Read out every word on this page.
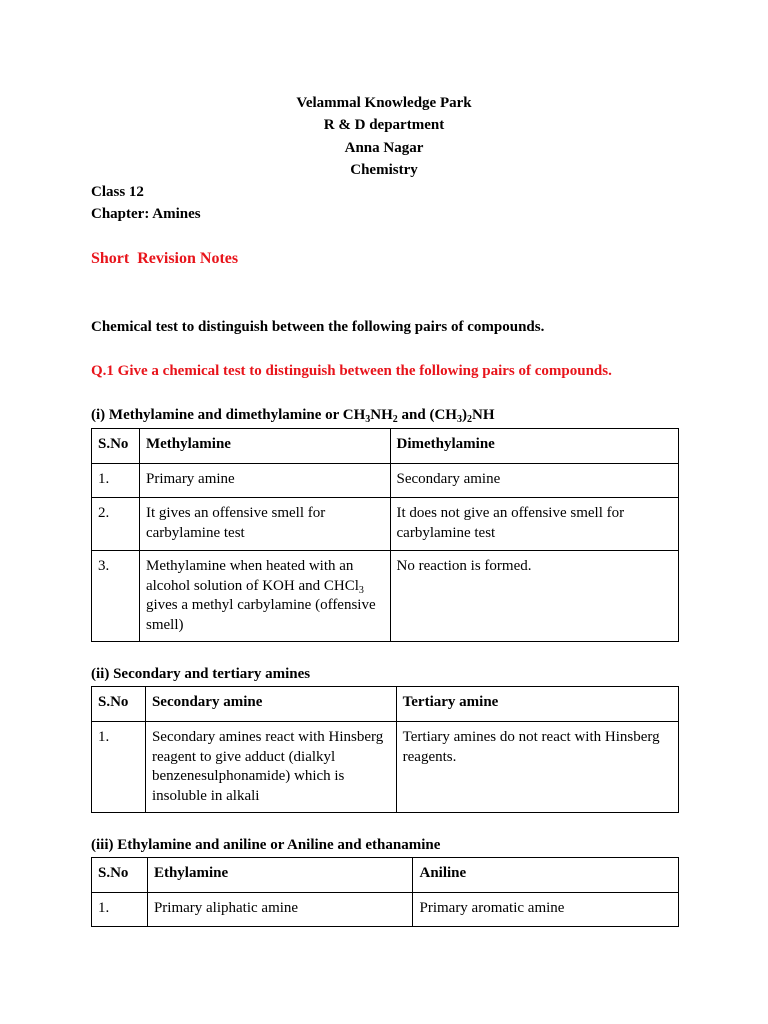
Velammal Knowledge Park
R & D department
Anna Nagar
Chemistry
Class 12
Chapter: Amines
Short  Revision Notes
Chemical test to distinguish between the following pairs of compounds.
Q.1 Give a chemical test to distinguish between the following pairs of compounds.
(i) Methylamine and dimethylamine or $CH_3NH_2$ and $(CH_3)_2NH$
S.No	Methylamine	Dimethylamine
1.	Primary amine	Secondary amine
2.	It gives an offensive smell for carbylamine test	It does not give an offensive smell for carbylamine test
3.	Methylamine when heated with an alcohol solution of KOH and CHCl$_3$ gives a methyl carbylamine (offensive smell)	No reaction is formed.
(ii) Secondary and tertiary amines
S.No	Secondary amine	Tertiary amine
1.	Secondary amines react with Hinsberg reagent to give adduct (dialkyl benzenesulphonamide) which is insoluble in alkali	Tertiary amines do not react with Hinsberg reagents.
(iii) Ethylamine and aniline or Aniline and ethanamine
S.No	Ethylamine	Aniline
1.	Primary aliphatic amine	Primary aromatic amine
